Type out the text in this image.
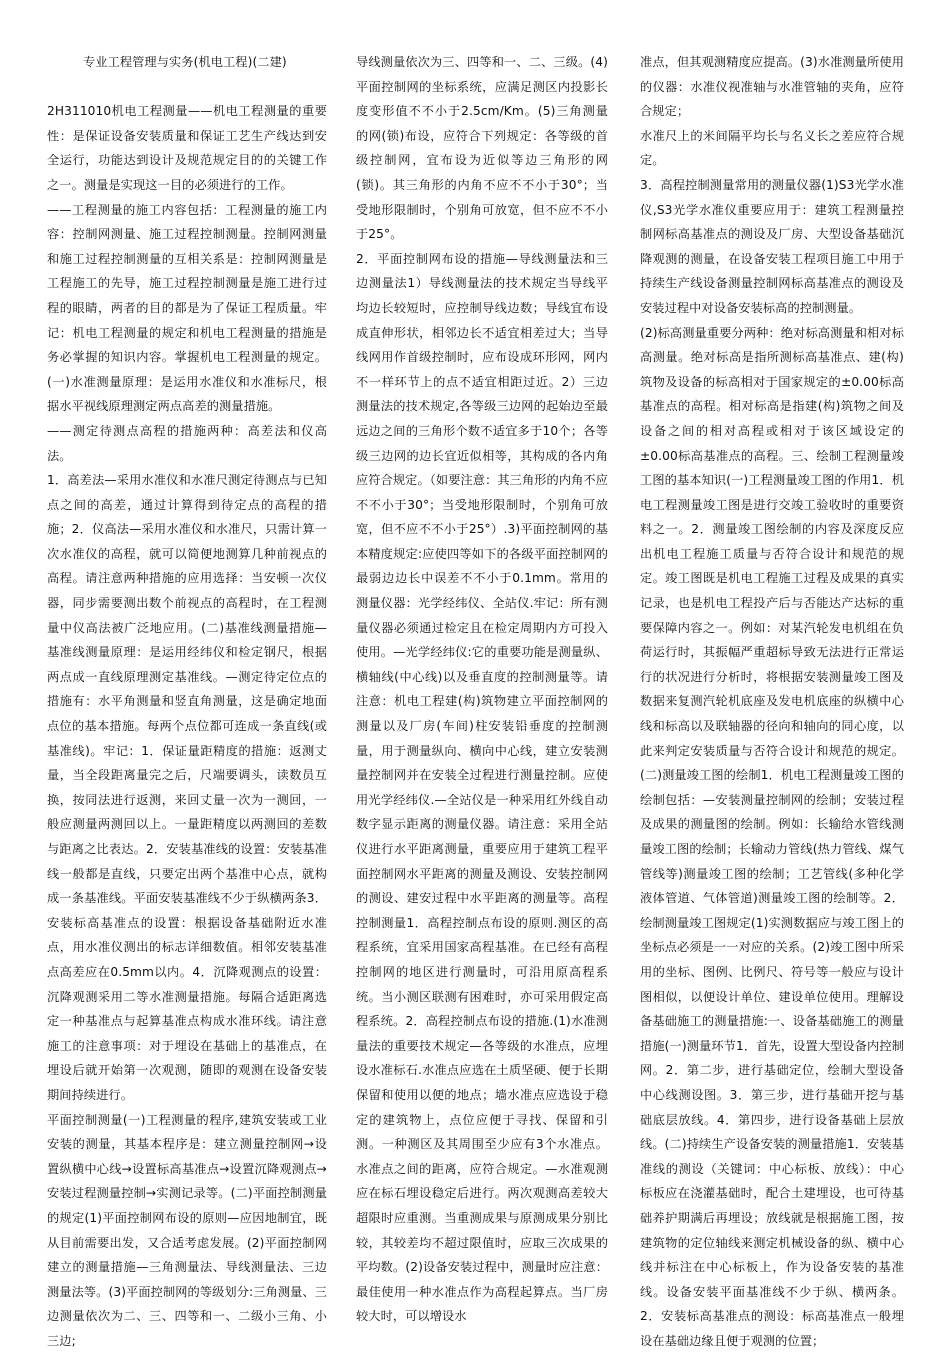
专业工程管理与实务(机电工程)(二建)

2H311010机电工程测量——机电工程测量的重要性：是保证设备安装质量和保证工艺生产线达到安全运行，功能达到设计及规范规定目的的关键工作之一。测量是实现这一目的必须进行的工作。

——工程测量的施工内容包括：工程测量的施工内容：控制网测量、施工过程控制测量。控制网测量和施工过程控制测量的互相关系是：控制网测量是工程施工的先导，施工过程控制测量是施工进行过程的眼睛，两者的目的都是为了保证工程质量。牢记：机电工程测量的规定和机电工程测量的措施是务必掌握的知识内容。掌握机电工程测量的规定。(一)水准测量原理：是运用水准仪和水准标尺，根据水平视线原理测定两点高差的测量措施。

——测定待测点高程的措施两种：高差法和仪高法。

1．高差法—采用水准仪和水准尺测定待测点与已知点之间的高差，通过计算得到待定点的高程的措施；2．仪高法—采用水准仪和水准尺，只需计算一次水准仪的高程，就可以简便地测算几种前视点的高程。请注意两种措施的应用选择：当安顿一次仪器，同步需要测出数个前视点的高程时，在工程测量中仪高法被广泛地应用。(二)基准线测量措施—基准线测量原理：是运用经纬仪和检定钢尺，根据两点成一直线原理测定基准线。—测定待定位点的措施有：水平角测量和竖直角测量，这是确定地面点位的基本措施。每两个点位都可连成一条直线(或基准线)。牢记：1．保证量距精度的措施：返测丈量，当全段距离量完之后，尺端要调头，读数员互换，按同法进行返测，来回丈量一次为一测回，一般应测量两测回以上。一量距精度以两测回的差数与距离之比表达。2．安装基准线的设置：安装基准线一般都是直线，只要定出两个基准中心点，就构成一条基准线。平面安装基准线不少于纵横两条3．安装标高基准点的设置：根据设备基础附近水准点，用水准仪测出的标志详细数值。相邻安装基准点高差应在0.5mm以内。4．沉降观测点的设置：沉降观测采用二等水准测量措施。每隔合适距离选定一种基准点与起算基准点构成水准环线。请注意施工的注意事项：对于埋设在基础上的基准点，在埋设后就开始第一次观测，随即的观测在设备安装期间持续进行。

平面控制测量(一)工程测量的程序,建筑安装或工业安装的测量，其基本程序是：建立测量控制网→设置纵横中心线→设置标高基准点→设置沉降观测点→安装过程测量控制→实测记录等。(二)平面控制测量的规定(1)平面控制网布设的原则—应因地制宜，既从目前需要出发，又合适考虑发展。(2)平面控制网建立的测量措施—三角测量法、导线测量法、三边测量法等。(3)平面控制网的等级划分:三角测量、三边测量依次为二、三、四等和一、二级小三角、小三边;

导线测量依次为三、四等和一、二、三级。(4)平面控制网的坐标系统，应满足测区内投影长度变形值不不小于2.5cm/Km。(5)三角测量的网(锁)布设，应符合下列规定：各等级的首级控制网，宜布设为近似等边三角形的网(锁)。其三角形的内角不应不不小于30°；当受地形限制时，个别角可放宽，但不应不不小于25°。

2．平面控制网布设的措施—导线测量法和三边测量法1）导线测量法的技术规定当导线平均边长较短时，应控制导线边数；导线宜布设成直伸形状，相邻边长不适宜相差过大；当导线网用作首级控制时，应布设成环形网，网内不一样环节上的点不适宜相距过近。2）三边测量法的技术规定,各等级三边网的起始边至最远边之间的三角形个数不适宜多于10个；各等级三边网的边长宜近似相等，其构成的各内角应符合规定。（如要注意：其三角形的内角不应不不小于30°；当受地形限制时，个别角可放宽，但不应不不小于25°）.3)平面控制网的基本精度规定:应使四等如下的各级平面控制网的最弱边边长中误差不不小于0.1mm。常用的测量仪器：光学经纬仪、全站仪.牢记：所有测量仪器必须通过检定且在检定周期内方可投入使用。—光学经纬仪:它的重要功能是测量纵、横轴线(中心线)以及垂直度的控制测量等。请注意：机电工程建(构)筑物建立平面控制网的测量以及厂房(车间)柱安装铅垂度的控制测量，用于测量纵向、横向中心线，建立安装测量控制网并在安装全过程进行测量控制。应使用光学经纬仪.—全站仪是一种采用红外线自动数字显示距离的测量仪器。请注意：采用全站仪进行水平距离测量，重要应用于建筑工程平面控制网水平距离的测量及测设、安装控制网的测设、建安过程中水平距离的测量等。高程控制测量1．高程控制点布设的原则.测区的高程系统，宜采用国家高程基准。在已经有高程控制网的地区进行测量时，可沿用原高程系统。当小测区联测有困难时，亦可采用假定高程系统。2．高程控制点布设的措施.(1)水准测量法的重要技术规定—各等级的水准点，应埋设水准标石.水准点应选在土质坚硬、便于长期保留和使用以便的地点；墙水准点应选设于稳定的建筑物上，点位应便于寻找、保留和引测。一种测区及其周围至少应有3个水准点。水准点之间的距离，应符合规定。—水准观测应在标石埋设稳定后进行。两次观测高差较大超限时应重测。当重测成果与原测成果分别比较，其较差均不超过限值时，应取三次成果的平均数。(2)设备安装过程中，测量时应注意：最佳使用一种水准点作为高程起算点。当厂房较大时，可以增设水

准点，但其观测精度应提高。(3)水准测量所使用的仪器：水准仪视准轴与水准管轴的夹角，应符合规定；

水准尺上的米间隔平均长与名义长之差应符合规定。

3．高程控制测量常用的测量仪器(1)S3光学水准仪,S3光学水准仪重要应用于：建筑工程测量控制网标高基准点的测设及厂房、大型设备基础沉降观测的测量，在设备安装工程项目施工中用于持续生产线设备测量控制网标高基准点的测设及安装过程中对设备安装标高的控制测量。

(2)标高测量重要分两种：绝对标高测量和相对标高测量。绝对标高是指所测标高基准点、建(构)筑物及设备的标高相对于国家规定的±0.00标高基准点的高程。相对标高是指建(构)筑物之间及设备之间的相对高程或相对于该区域设定的±0.00标高基准点的高程。三、绘制工程测量竣工图的基本知识(一)工程测量竣工图的作用1．机电工程测量竣工图是进行交竣工验收时的重要资料之一。2．测量竣工图绘制的内容及深度反应出机电工程施工质量与否符合设计和规范的规定。竣工图既是机电工程施工过程及成果的真实记录，也是机电工程投产后与否能达产达标的重要保障内容之一。例如：对某汽轮发电机组在负荷运行时，其振幅严重超标导致无法进行正常运行的状况进行分析时，将根据安装测量竣工图及数据来复测汽轮机底座及发电机底座的纵横中心线和标高以及联轴器的径向和轴向的同心度，以此来判定安装质量与否符合设计和规范的规定。(二)测量竣工图的绘制1．机电工程测量竣工图的绘制包括：—安装测量控制网的绘制；安装过程及成果的测量图的绘制。例如：长输给水管线测量竣工图的绘制；长输动力管线(热力管线、煤气管线等)测量竣工图的绘制；工艺管线(多种化学液体管道、气体管道)测量竣工图的绘制等。2．绘制测量竣工图规定(1)实测数据应与竣工图上的坐标点必须是一一对应的关系。(2)竣工图中所采用的坐标、图例、比例尺、符号等一般应与设计图相似，以便设计单位、建设单位使用。理解设备基础施工的测量措施:一、设备基础施工的测量措施(一)测量环节1．首先，设置大型设备内控制网。2．第二步，进行基础定位，绘制大型设备中心线测设图。3．第三步，进行基础开挖与基础底层放线。4．第四步，进行设备基础上层放线。(二)持续生产设备安装的测量措施1．安装基准线的测设（关键词：中心标板、放线）：中心标板应在浇灌基础时，配合土建埋设，也可待基础养护期满后再埋设；放线就是根据施工图，按建筑物的定位轴线来测定机械设备的纵、横中心线并标注在中心标板上，作为设备安装的基准线。设备安装平面基准线不少于纵、横两条。2．安装标高基准点的测设：标高基准点一般埋设在基础边缘且便于观测的位置；
